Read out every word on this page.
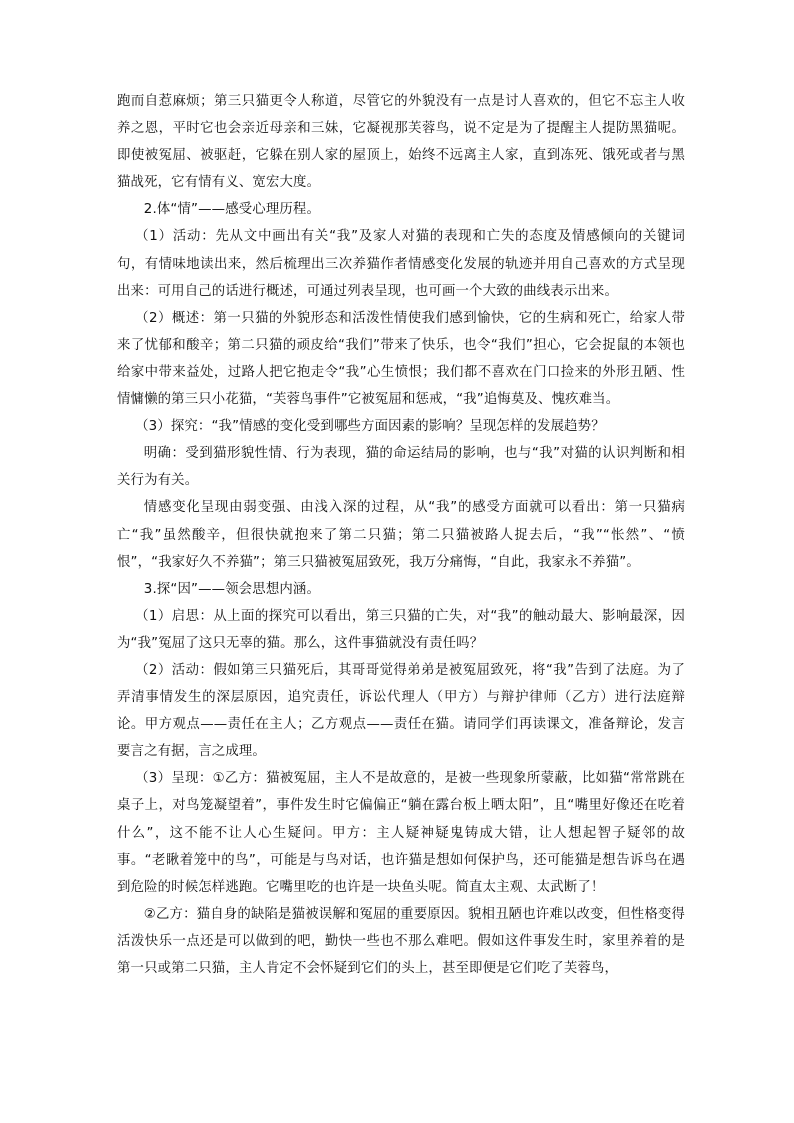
跑而自惹麻烦；第三只猫更令人称道，尽管它的外貌没有一点是讨人喜欢的，但它不忘主人收养之恩，平时它也会亲近母亲和三妹，它凝视那芙蓉鸟，说不定是为了提醒主人提防黑猫呢。即使被冤屈、被驱赶，它躲在别人家的屋顶上，始终不远离主人家，直到冻死、饿死或者与黑猫战死，它有情有义、宽宏大度。

2.体“情”——感受心理历程。

（1）活动：先从文中画出有关“我”及家人对猫的表现和亡失的态度及情感倾向的关键词句，有情味地读出来，然后梳理出三次养猫作者情感变化发展的轨迹并用自己喜欢的方式呈现出来：可用自己的话进行概述，可通过列表呈现，也可画一个大致的曲线表示出来。

（2）概述：第一只猫的外貌形态和活泼性情使我们感到愉快，它的生病和死亡，给家人带来了忧郁和酸辛；第二只猫的顽皮给“我们”带来了快乐，也令“我们”担心，它会捉鼠的本领也给家中带来益处，过路人把它抱走令“我”心生愤恨；我们都不喜欢在门口捡来的外形丑陋、性情慵懒的第三只小花猫，“芙蓉鸟事件”它被冤屈和惩戒，“我”追悔莫及、愧疚难当。

（3）探究：“我”情感的变化受到哪些方面因素的影响？呈现怎样的发展趋势？

明确：受到猫形貌性情、行为表现，猫的命运结局的影响，也与“我”对猫的认识判断和相关行为有关。

情感变化呈现由弱变强、由浅入深的过程，从“我”的感受方面就可以看出：第一只猫病亡“我”虽然酸辛，但很快就抱来了第二只猫；第二只猫被路人捉去后，“我”“怅然”、“愤恨”，“我家好久不养猫”；第三只猫被冤屈致死，我万分痛悔，“自此，我家永不养猫”。

3.探“因”——领会思想内涵。

（1）启思：从上面的探究可以看出，第三只猫的亡失，对“我”的触动最大、影响最深，因为“我”冤屈了这只无辜的猫。那么，这件事猫就没有责任吗？

（2）活动：假如第三只猫死后，其哥哥觉得弟弟是被冤屈致死，将“我”告到了法庭。为了弄清事情发生的深层原因，追究责任，诉讼代理人（甲方）与辩护律师（乙方）进行法庭辩论。甲方观点——责任在主人；乙方观点——责任在猫。请同学们再读课文，准备辩论，发言要言之有据，言之成理。

（3）呈现：①乙方：猫被冤屈，主人不是故意的，是被一些现象所蒙蔽，比如猫“常常跳在桌子上，对鸟笼凝望着”，事件发生时它偏偏正“躺在露台板上晒太阳”，且“嘴里好像还在吃着什么”，这不能不让人心生疑问。甲方：主人疑神疑鬼铸成大错，让人想起智子疑邻的故事。“老瞅着笼中的鸟”，可能是与鸟对话，也许猫是想如何保护鸟，还可能猫是想告诉鸟在遇到危险的时候怎样逃跑。它嘴里吃的也许是一块鱼头呢。简直太主观、太武断了！

②乙方：猫自身的缺陷是猫被误解和冤屈的重要原因。貌相丑陋也许难以改变，但性格变得活泼快乐一点还是可以做到的吧，勤快一些也不那么难吧。假如这件事发生时，家里养着的是第一只或第二只猫，主人肯定不会怀疑到它们的头上，甚至即便是它们吃了芙蓉鸟，
